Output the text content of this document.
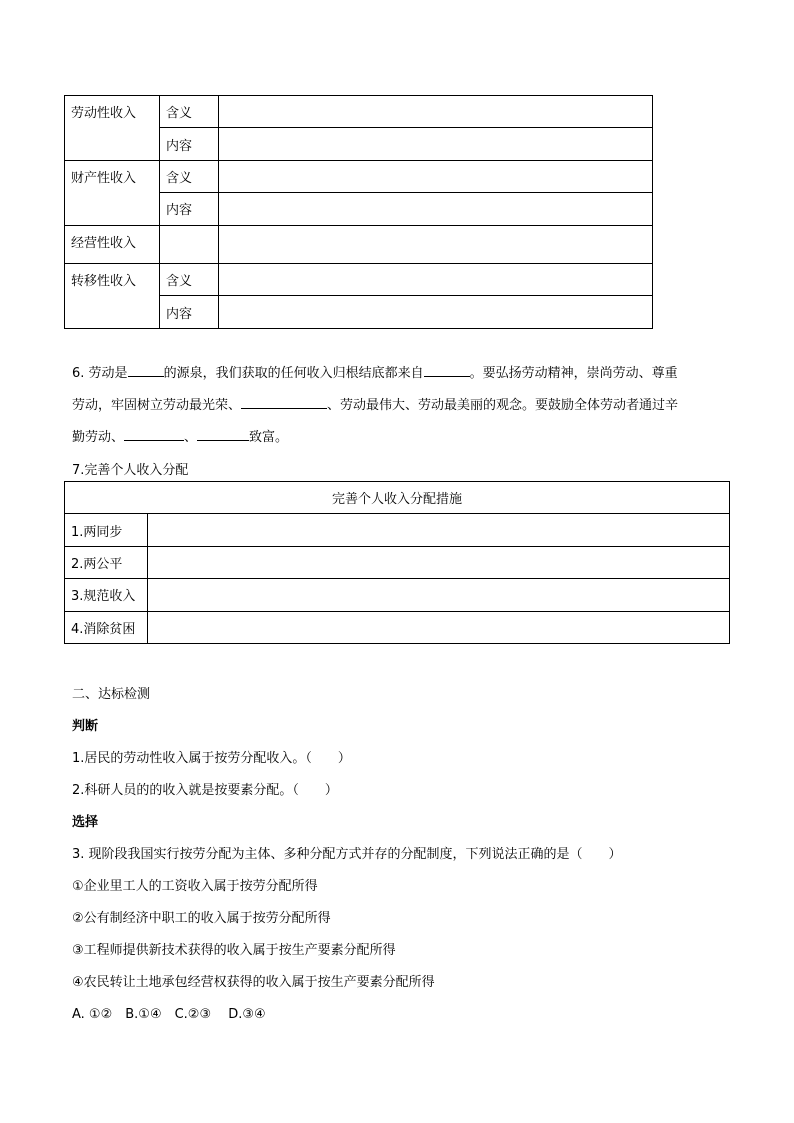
劳动性收入	含义	
	内容	
财产性收入	含义	
	内容	
经营性收入		
转移性收入	含义	
	内容	
6. 劳动是	的源泉，我们获取的任何收入归根结底都来自	。要弘扬劳动精神，崇尚劳动、尊重
劳动，牢固树立劳动最光荣、	、劳动最伟大、劳动最美丽的观念。要鼓励全体劳动者通过辛
勤劳动、	、	致富。
7.完善个人收入分配
完善个人收入分配措施	
1.两同步	
2.两公平	
3.规范收入	
4.消除贫困	
二、达标检测
判断
1.居民的劳动性收入属于按劳分配收入。（　　）
2.科研人员的的收入就是按要素分配。（　　）
选择
3. 现阶段我国实行按劳分配为主体、多种分配方式并存的分配制度，下列说法正确的是（　　）
①企业里工人的工资收入属于按劳分配所得
②公有制经济中职工的收入属于按劳分配所得
③工程师提供新技术获得的收入属于按生产要素分配所得
④农民转让土地承包经营权获得的收入属于按生产要素分配所得
A. ①②　B.①④　C.②③　 D.③④
